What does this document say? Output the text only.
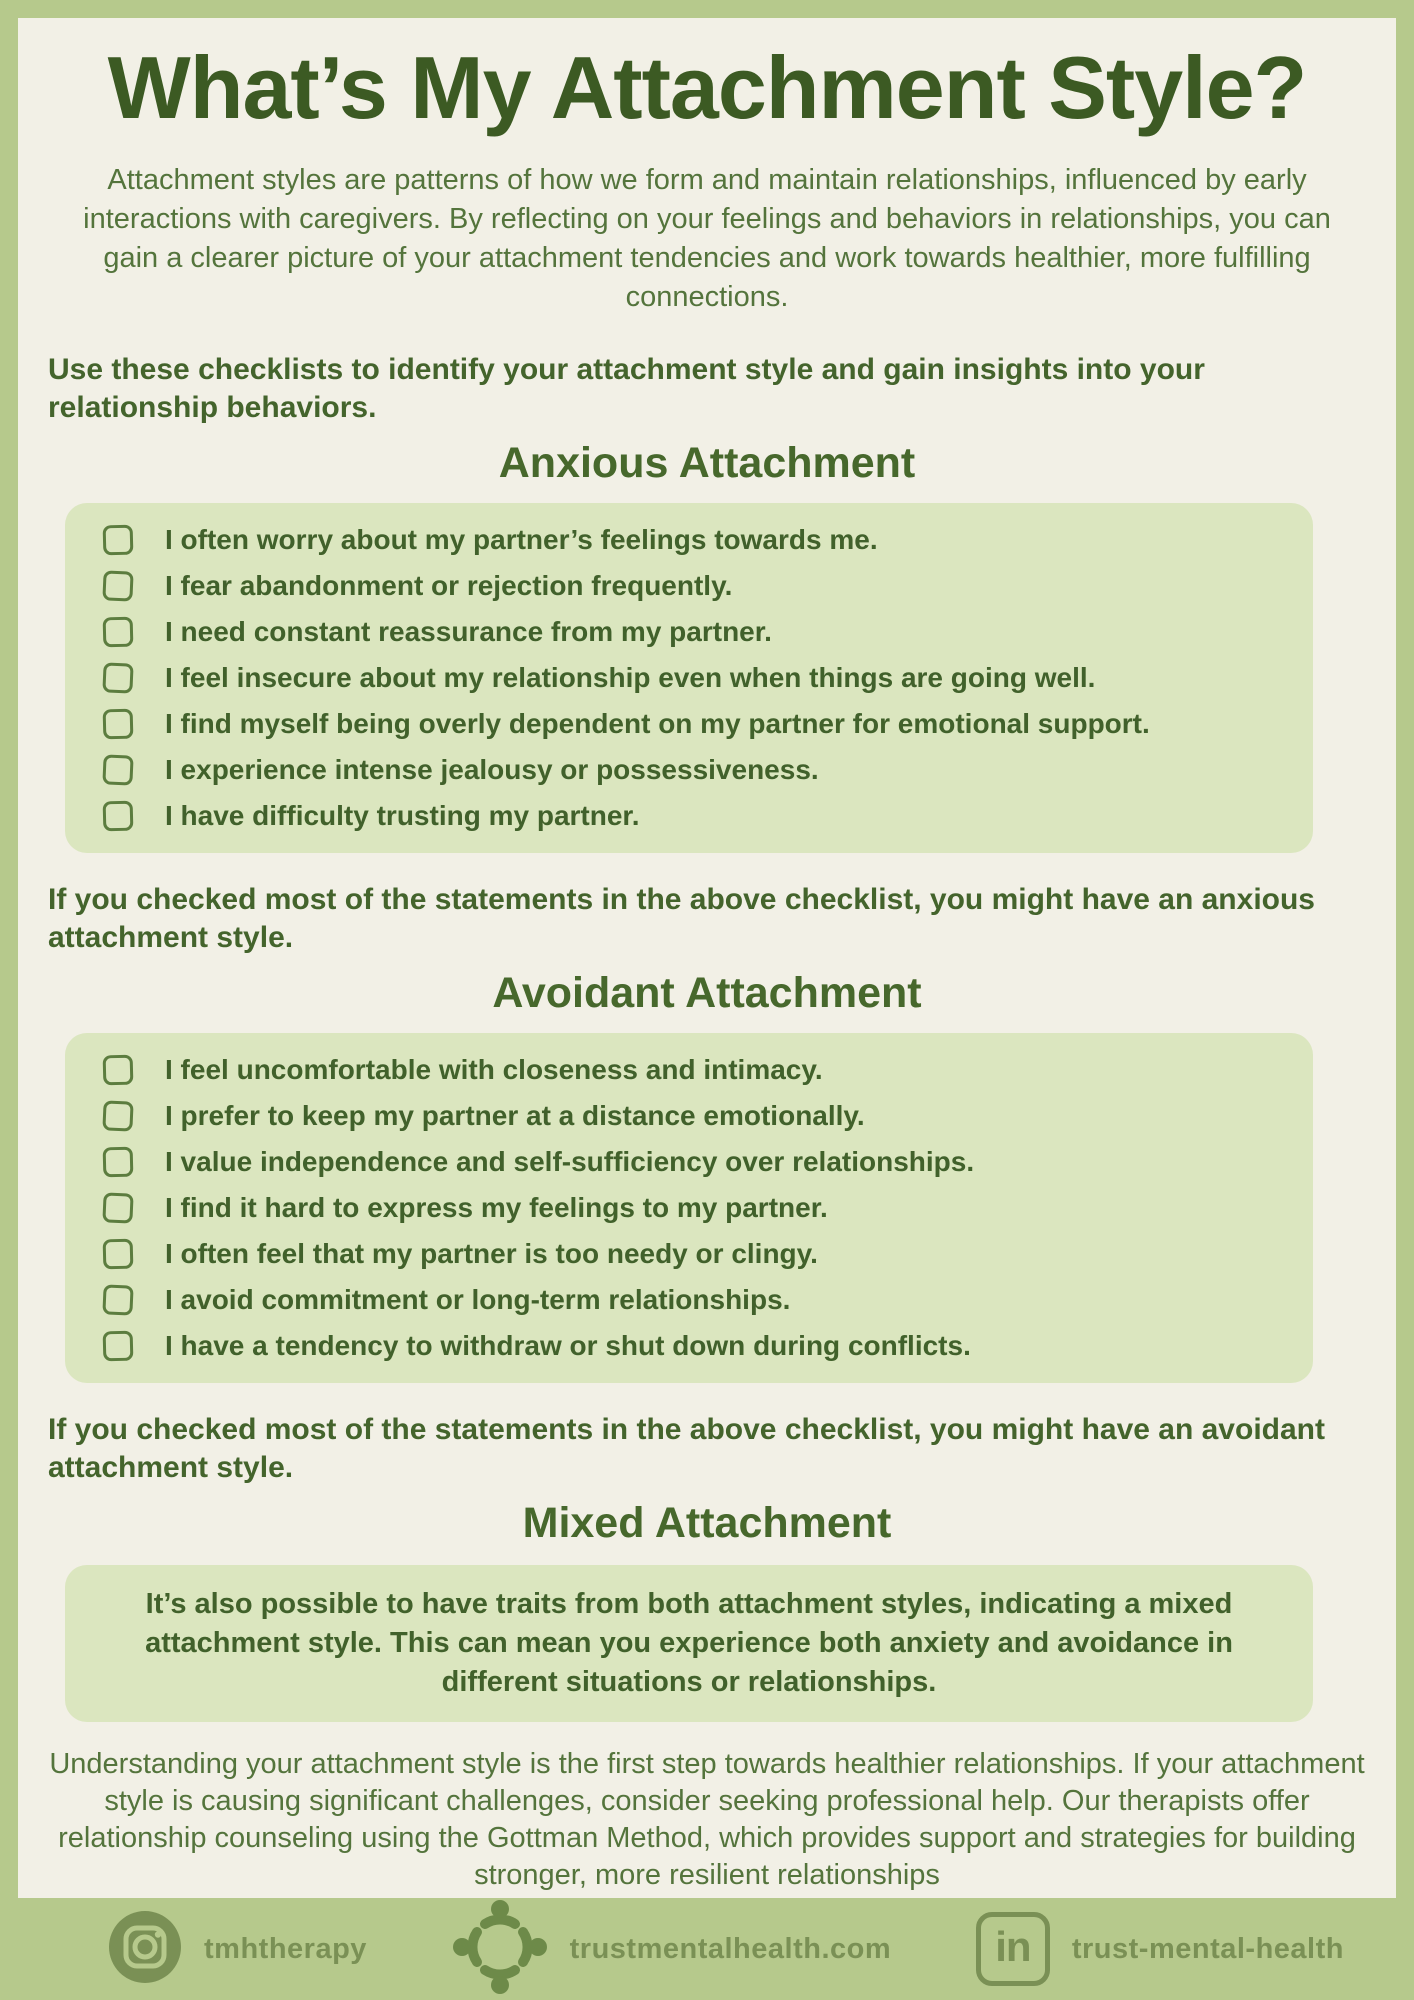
What’s My Attachment Style?

Attachment styles are patterns of how we form and maintain relationships, influenced by early interactions with caregivers. By reflecting on your feelings and behaviors in relationships, you can gain a clearer picture of your attachment tendencies and work towards healthier, more fulfilling connections.

Use these checklists to identify your attachment style and gain insights into your relationship behaviors.

Anxious Attachment
I often worry about my partner’s feelings towards me.
I fear abandonment or rejection frequently.
I need constant reassurance from my partner.
I feel insecure about my relationship even when things are going well.
I find myself being overly dependent on my partner for emotional support.
I experience intense jealousy or possessiveness.
I have difficulty trusting my partner.

If you checked most of the statements in the above checklist, you might have an anxious attachment style.

Avoidant Attachment
I feel uncomfortable with closeness and intimacy.
I prefer to keep my partner at a distance emotionally.
I value independence and self-sufficiency over relationships.
I find it hard to express my feelings to my partner.
I often feel that my partner is too needy or clingy.
I avoid commitment or long-term relationships.
I have a tendency to withdraw or shut down during conflicts.

If you checked most of the statements in the above checklist, you might have an avoidant attachment style.

Mixed Attachment

It’s also possible to have traits from both attachment styles, indicating a mixed attachment style. This can mean you experience both anxiety and avoidance in different situations or relationships.

Understanding your attachment style is the first step towards healthier relationships. If your attachment style is causing significant challenges, consider seeking professional help. Our therapists offer relationship counseling using the Gottman Method, which provides support and strategies for building stronger, more resilient relationships

tmhtherapy	trustmentalhealth.com	in	trust-mental-health
